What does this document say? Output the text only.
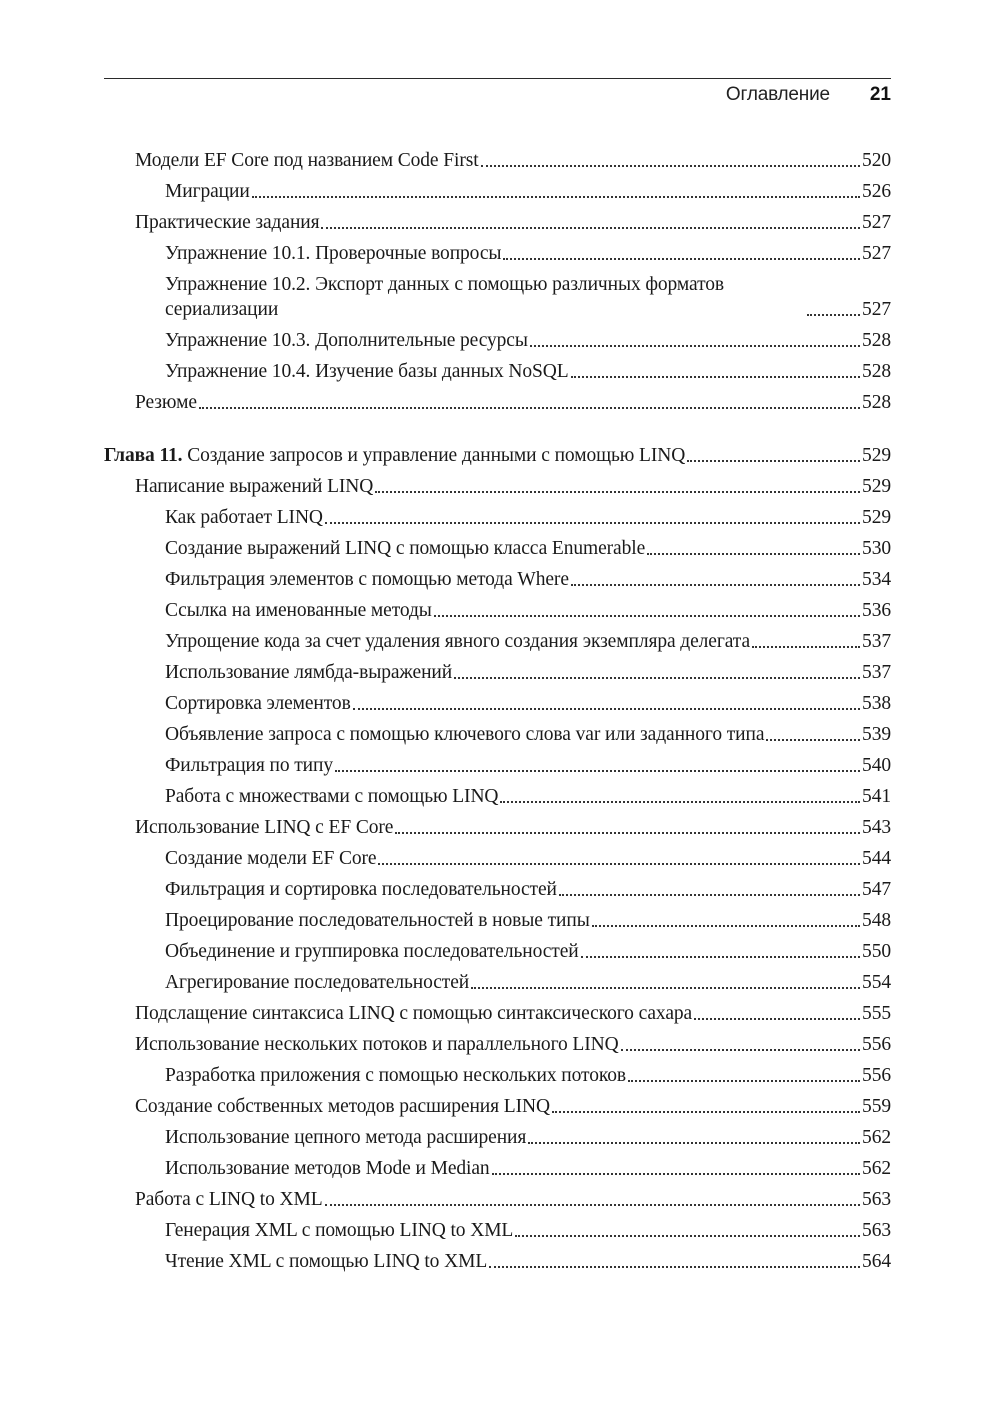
Оглавление 21
Модели EF Core под названием Code First	520
Миграции	526
Практические задания	527
Упражнение 10.1. Проверочные вопросы	527
Упражнение 10.2. Экспорт данных с помощью различных форматов сериализации	527
Упражнение 10.3. Дополнительные ресурсы	528
Упражнение 10.4. Изучение базы данных NoSQL	528
Резюме	528
Глава 11. Создание запросов и управление данными с помощью LINQ	529
Написание выражений LINQ	529
Как работает LINQ	529
Создание выражений LINQ с помощью класса Enumerable	530
Фильтрация элементов с помощью метода Where	534
Ссылка на именованные методы	536
Упрощение кода за счет удаления явного создания экземпляра делегата	537
Использование лямбда-выражений	537
Сортировка элементов	538
Объявление запроса с помощью ключевого слова var или заданного типа	539
Фильтрация по типу	540
Работа с множествами с помощью LINQ	541
Использование LINQ с EF Core	543
Создание модели EF Core	544
Фильтрация и сортировка последовательностей	547
Проецирование последовательностей в новые типы	548
Объединение и группировка последовательностей	550
Агрегирование последовательностей	554
Подслащение синтаксиса LINQ с помощью синтаксического сахара	555
Использование нескольких потоков и параллельного LINQ	556
Разработка приложения с помощью нескольких потоков	556
Создание собственных методов расширения LINQ	559
Использование цепного метода расширения	562
Использование методов Mode и Median	562
Работа с LINQ to XML	563
Генерация XML с помощью LINQ to XML	563
Чтение XML с помощью LINQ to XML	564
